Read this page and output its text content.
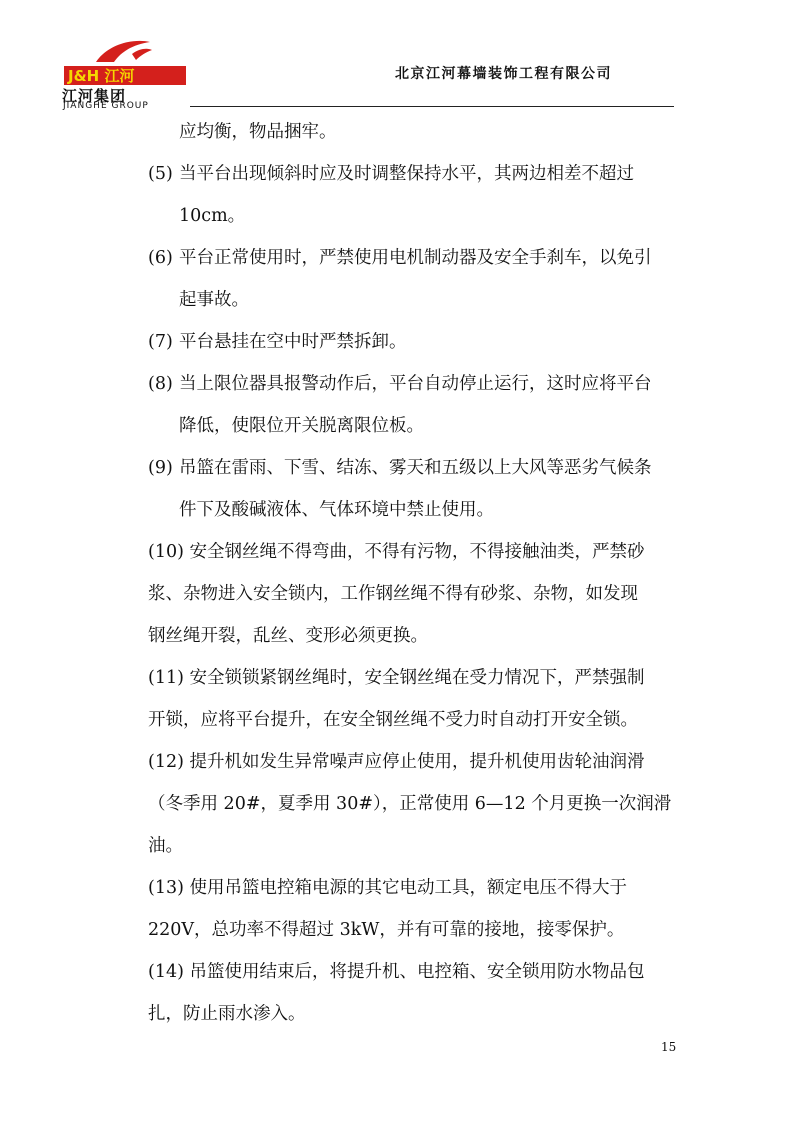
J&H 江河
江河集团
JIANGHE GROUP
北京江河幕墙装饰工程有限公司
应均衡，物品捆牢。
(5) 当平台出现倾斜时应及时调整保持水平，其两边相差不超过
10cm。
(6) 平台正常使用时，严禁使用电机制动器及安全手刹车，以免引
起事故。
(7) 平台悬挂在空中时严禁拆卸。
(8) 当上限位器具报警动作后，平台自动停止运行，这时应将平台
降低，使限位开关脱离限位板。
(9) 吊篮在雷雨、下雪、结冻、雾天和五级以上大风等恶劣气候条
件下及酸碱液体、气体环境中禁止使用。
(10) 安全钢丝绳不得弯曲，不得有污物，不得接触油类，严禁砂
浆、杂物进入安全锁内，工作钢丝绳不得有砂浆、杂物，如发现
钢丝绳开裂，乱丝、变形必须更换。
(11) 安全锁锁紧钢丝绳时，安全钢丝绳在受力情况下，严禁强制
开锁，应将平台提升，在安全钢丝绳不受力时自动打开安全锁。
(12) 提升机如发生异常噪声应停止使用，提升机使用齿轮油润滑
（冬季用 20#，夏季用 30#），正常使用 6—12 个月更换一次润滑
油。
(13) 使用吊篮电控箱电源的其它电动工具，额定电压不得大于
220V，总功率不得超过 3kW，并有可靠的接地，接零保护。
(14) 吊篮使用结束后，将提升机、电控箱、安全锁用防水物品包
扎，防止雨水渗入。
15
